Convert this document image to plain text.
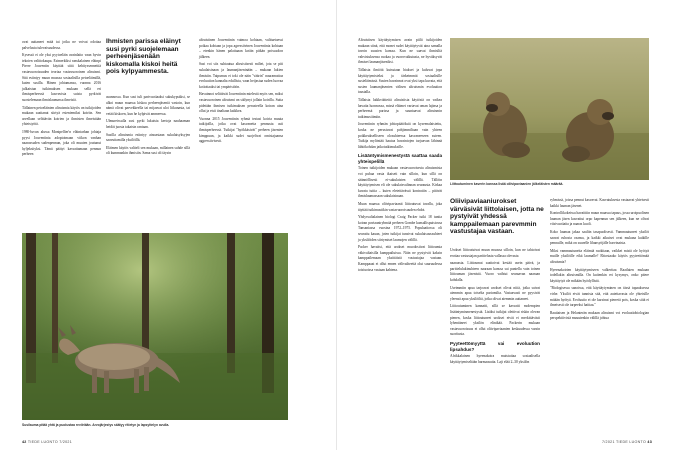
ovat auttaneet mitä tai jotka ne voivat odottaa palvelusta tulevaisuudessa.

Kysessä ei ole yksi pyytoeläin avainlaito vaan hyvin tekoien valittokaupa. Esimerkiksi ranskalainen eläinpi Pierre Jouventin käyttää siitä kehityssennettiä vastavuoroisuuden teoriaa vastavuoroinen altruismi. Sitä esiintyy muun muassa sosiaalisilla petoeläimillä, kuten susilla. Hänen johtamansa, vuonna 2016 julkaistun tutkimuksen mukaan sellä eri ihmisperheessä kasvavista suista pyrkivät suostelemaan ihmislaumassa ilmeisiä.

Tällainen petoeläinten altruismia käytös on tutkijoiden mukaan saattanut siirtyä esieniemiksi koiriin. Sen arvellaan selittävän koirien ja ihmisten ilmeistään yhteistyötä.

1980-luvun alussa Montpellier'n eläintarhan johtaja pyysi Jouventinia adoptoimaan viikon vanhan naarassuden sudenpennun, joka oli muuten joutunut hyljeksityksi. Tämä päätyi kasvattamaan pennun perheen

Ihmisten parissa eläinyt susi pyrki suojelemaan perheenjäsenään kiskomalla kiskoi heitä pois kylpyammesta.

asunnossa. Kun susi tuli parivuotiaaksi sukukypsäksi, se alkoi muun muassa kiskoa perheenjäseniä vastoin, kun nämä olivat parvekkeella tai mijaavat uloi liikunasta, tai vetää kiskoen, kun he kylpivät ammeessa.

Ulmureissulla susi pyrki lukuisia kertoja nauhaaman heidät juosta takaisin rantaan.

Susilla altruismia esiintyy ainoastaan sukulaisyksyjen saavuttamilla yksilöillä.

Eläimen käytös valtteli sen mukaan, millainen suhde sillä oli kummankin ihmisiin. Sama susi oli täysin

altruistinen Jouventinin vaimoa kohtaan, valituetaessi poikaa kohtaan ja jopa agressiivinen Jouventinia kohtaan – etenkin hänen palattuaan kotiin pitkän poissaolon jälkeen.

Susi voi siis suhtautua altruistisesti miltei, jota se piti sukulaisinaan ja laumanjäseninään – mukaan lukien ihmisiin. Taipumus ei toki ole näin "väärin" nauramattoa evoluution kannalta edullista, vaan heijastua suden luovaa kotiottaaksi tai ympäristöön.

Havainnot selittävät Jouventinin mielestä myös sen, miksi vastavuoroinen altruismi on säilynyt jollain koirilla. Sutta pidetään ihmisen tutkimuksen perusteella koiran aina ollut ja etsii tinaltaan kaikkea.

Vuonna 2015 Jouventinin ryhmä testasi koiria muuta tutkijoilla, jotka ovat kasvanetta pennusta asti ihmisperheessä. Tutkijat "hyökkäsivät" perheen jäsenten kimppuun, ja kaikki sudet suojelivat omistajaansa aggressiivisesti.

Susilauma pitää yhtä ja puolustaa reviiriään. Arvojärjestys säätyy ritietyn ja lapsyttelyn avulla.
42 TIEDE LUONTO 7/2021

Altruistisen käyttäytymisen avain piilii tutkijoiden mukaan siinä, että monet sudet käyttäytyvät aina samalla tavoin suusien kanssa. Kun ne saavat ihmisiltä vahvistuksensa ruokaa ja vuorovaikutusta, ne hyväksyvät ihmiset laumanjäseniksi.

Tällaista ilmiötä kutsutaan hiukset ja kuluvat jopa käyttäytymisteksi ja tärkeimmät sosiaalisille susieläimissä. Susien havainnot ovat yksi tapa kuvata, että susien laumanjäsenten välisen altruismin evoluution taustalla.

Tällaista laikkväitteitä altruistista käytöstä on vaikea havaita luonnossa, missä eläimet vartavat oman lajinsa ja perheensä parissa ja suuntaavat altruismin tutkimustiimiin.

Jouventinin ryhmän johtopäätöksiä on kyseenalaistettu, koska ne perustuvat pohjimmiltaan vain yhteen poikkeukselliseen olosuhteessa kasvaneeseen suteen. Tutkija mylöntää hautoa havaintojen tarjoavan lähinnä lähtökohdan jatkotutkimuksille.

Lisääntymismenestystä saattaa saada yhteispelillä

Toinen tutkijoiden mukaan vastavuoroisesta altruismista voi puhua vasta ikaiseti vain silloin, kun sillä on säännöllisesti ei-sukulaisten välillä. Tällöin käyttäytymisen eli ole sukulaisvalinnan seurausta. Kirkaa kuvata tuttia – kuten eletettävässä kontratiin – pitävät ihmislaumassaan sukulaisinaan.

Muun muassa oliivipaviaanit liittoutuvat tavalla, joka täyttää tutkimustikin vastavuoroisuuden ehdot.

Yhdysvaltalainen biologi Craig Packer tutki 18 tuntia koiran paviaaniryhmää perheen Gombe kansallispuistossa Tansaniassa vuosina 1972–1975. Populaatiossa oli seurattu kauan, joten tutkijat tunsivat sukulaisuussuhteet ja yksilöiden siirtymiset laumojen välillä.

Packer havaitsi, että urokset muodostivat liittoumia väkivaltaisilla kamppailuissa. Näin ne pystyivät kaksin kamppailemaan yksittäistä vastustajaa vastaan. Kamppaaat ei ollut ennen välivaiheettä olut suuruudessa toisiuoissa vastaan kahtena.

Liittoutuminen kaverin kanssa lisää oliivipaviaanien jälkeläisten määrää.
Oliivipaviaaniurokset värväsivät liittolaisen, jotta ne pystyivät yhdessä kamppailemaan parevmmin vastustajaa vastaan.

Urokset liittoutuivat muun muassa silloin, kun ne tahtoivat erottaa vastustajan parittelusta vallassa olevasta

naaraasta. Liittoumat saattoivat kestää usein päivä, ja parittelulukinuhteen naaraan kanssa sai pantella vain toinen liittouman jäsenistä. Vuoro vaihtui seuraavan naaraan kohdalla.

Useimmiin apua tarjoavat urokset olivat niitä, jotka saivat aiemmin apua toiselta pariomilta. Vastaavasti ne pyysivät yleensä apua yksilöiltä, jotka olivat aiemmin auttaneet.

Liittoutuminen kannatti, sillä se kasvatti molempien lisääntymismenestystä. Lisäksi tutkijat olettivat riskin olevan pienen, koska liittoutuneet urokset eivät ei merkittävästi lyhentäneet yksilön elinikää. Packerin mukaan vastavuoroisuus ei ollut oliivipaviaanien keskuudessa varsin suoritusta.

Pyyteettömyyttä vai evoluution lipsahdus?

Afrikkalainen hyeenakoira muistuttaa sosiaalisella käyttäytymiseltään harmaasutta. Laji elää 2–30 yksilön

ryhmissä, joissa pennut kasvavat. Kasvatuksesta vastaavat yhteisesti kaikki lauman jäsenet.

Kontrollikokeissa havaittiin muun muassa tapaus, jossa uroipuolinen lauman jäsen kasvattui orpo kapennun sen jälkeen, kun ne olivat viisivuotiaita ja naaras kuoli.

Koko laumaa jakaa saaliin tasapuolisesti. Vammautuneet yksilöt saavat ruhosta osansa, ja kaikki aikuiset ovat mukana kaikille pennuille, mikä on suurelle lihansyöjälle harvinaista.

Miksi vammautuneita eläimiä ruokitaan, vaikkei mistä ole hyötyä muille yksilöille eikä laumalle? Ehtostaako käytös pyyteettömää altruismia?

Hyeenakoirien käyttäytymiseen valkeritaa Raatlaien mukaan todellakin altruismilla. On kuitenkin eri kysymys, onko pitere käyttäytyä ole mikään hyödyllistä.

"Biologisessa sanoissa, että käyttäytyminen on tässä tapauksessa virhe. Yksilöt eivät tunnista sitä, että autettavasta ole yhteisille mitään hyötyä. Evoluutio ei ole karsinut pierretä pois, koska siitä ei ilmeisesti ole tarpeeksi haittaa."

Rautiaisen ja Helanterän mukaan altruismi voi evoluutiobiologian perspektiivistä muuutenkin välillä johtua

7/2021 TIEDE LUONTO 43
